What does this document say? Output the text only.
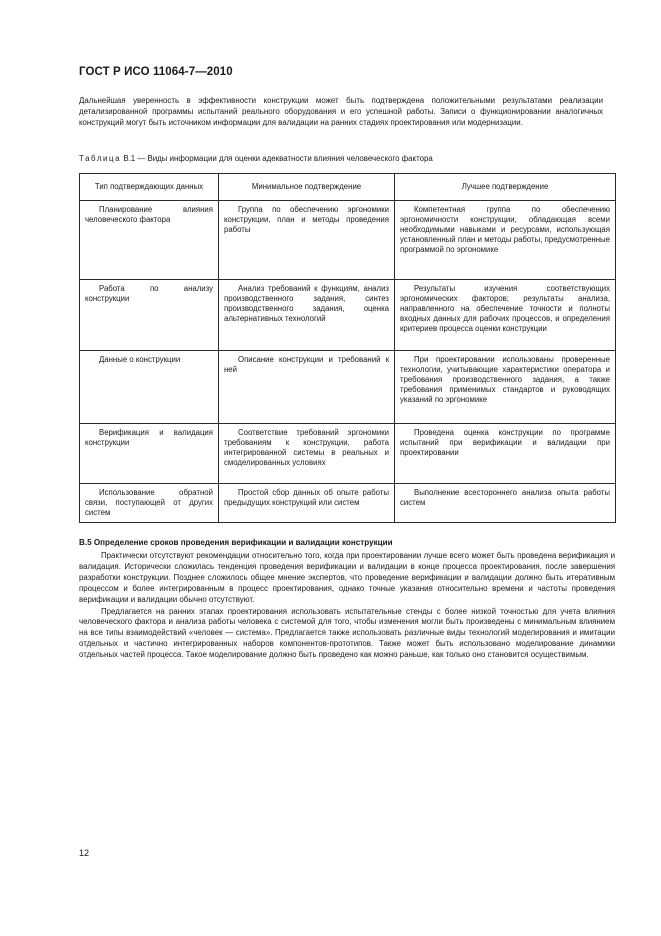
ГОСТ Р ИСО 11064-7—2010

Дальнейшая уверенность в эффективности конструкции может быть подтверждена положительными результатами реализации детализированной программы испытаний реального оборудования и его успешной работы. Записи о функционировании аналогичных конструкций могут быть источником информации для валидации на ранних стадиях проектирования или модернизации.

Таблица В.1 — Виды информации для оценки адекватности влияния человеческого фактора
Тип подтверждающих данных	Минимальное подтверждение	Лучшее подтверждение

Планирование влияния человеческого фактора	Группа по обеспечению эргономики конструкции, план и методы проведения работы	Компетентная группа по обеспечению эргономичности конструкции, обладающая всеми необходимыми навыками и ресурсами, использующая установленный план и методы работы, предусмотренные программой по эргономике

Работа по анализу конструкции	Анализ требований к функциям, анализ производственного задания, синтез производственного задания, оценка альтернативных технологий	Результаты изучения соответствующих эргономических факторов; результаты анализа, направленного на обеспечение точности и полноты входных данных для рабочих процессов, и определения критериев процесса оценки конструкции

Данные о конструкции	Описание конструкции и требований к ней	При проектировании использованы проверенные технологии, учитывающие характеристики оператора и требования производственного задания, а также требования применимых стандартов и руководящих указаний по эргономике

Верификация и валидация конструкции	Соответствие требований эргономики требованиям к конструкции, работа интегрированной системы в реальных и смоделированных условиях	Проведена оценка конструкции по программе испытаний при верификации и валидации при проектировании

Использование обратной связи, поступающей от других систем	Простой сбор данных об опыте работы предыдущих конструкций или систем	Выполнение всестороннего анализа опыта работы систем
В.5 Определение сроков проведения верификации и валидации конструкции

Практически отсутствуют рекомендации относительно того, когда при проектировании лучше всего может быть проведена верификация и валидация. Исторически сложилась тенденция проведения верификации и валидации в конце процесса проектирования, после завершения разработки конструкции. Позднее сложилось общее мнение экспертов, что проведение верификации и валидации должно быть итеративным процессом и более интегрированным в процесс проектирования, однако точные указания относительно времени и частоты проведения верификации и валидации обычно отсутствуют.

Предлагается на ранних этапах проектирования использовать испытательные стенды с более низкой точностью для учета влияния человеческого фактора и анализа работы человека с системой для того, чтобы изменения могли быть произведены с минимальным влиянием на все типы взаимодействий «человек — система». Предлагается также использовать различные виды технологий моделирования и имитации отдельных и частично интегрированных наборов компонентов-прототипов. Также может быть использовано моделирование динамики отдельных частей процесса. Такое моделирование должно быть проведено как можно раньше, как только оно становится осуществимым.

12
